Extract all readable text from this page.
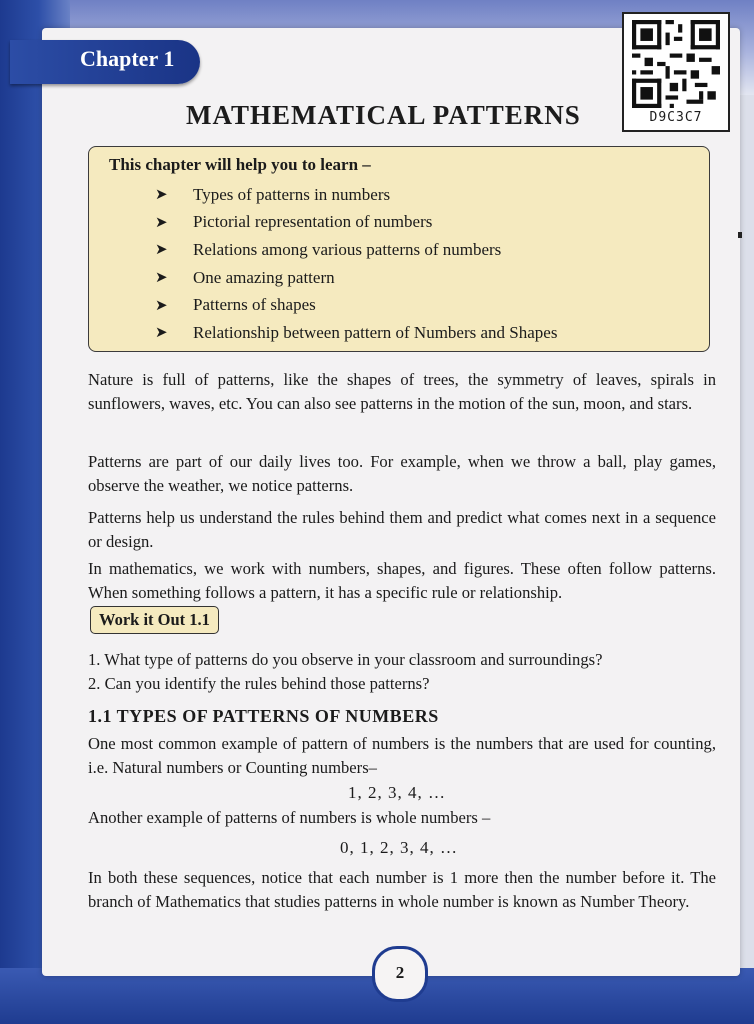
Chapter 1
D9C3C7
MATHEMATICAL PATTERNS
This chapter will help you to learn –
➤	Types of patterns in numbers
➤	Pictorial representation of numbers
➤	Relations among various patterns of numbers
➤	One amazing pattern
➤	Patterns of shapes
➤	Relationship between pattern of Numbers and Shapes

Nature is full of patterns, like the shapes of trees, the symmetry of leaves, spirals in sunflowers, waves, etc. You can also see patterns in the motion of the sun, moon, and stars.

Patterns are part of our daily lives too. For example, when we throw a ball, play games, observe the weather, we notice patterns.

Patterns help us understand the rules behind them and predict what comes next in a sequence or design.

In mathematics, we work with numbers, shapes, and figures. These often follow patterns. When something follows a pattern, it has a specific rule or relationship.

Work it Out 1.1
1. What type of patterns do you observe in your classroom and surroundings?
2. Can you identify the rules behind those patterns?
1.1 TYPES OF PATTERNS OF NUMBERS

One most common example of pattern of numbers is the numbers that are used for counting, i.e. Natural numbers or Counting numbers–

1, 2, 3, 4, …
Another example of patterns of numbers is whole numbers –
0, 1, 2, 3, 4, …

In both these sequences, notice that each number is 1 more then the number before it. The branch of Mathematics that studies patterns in whole number is known as Number Theory.

2
